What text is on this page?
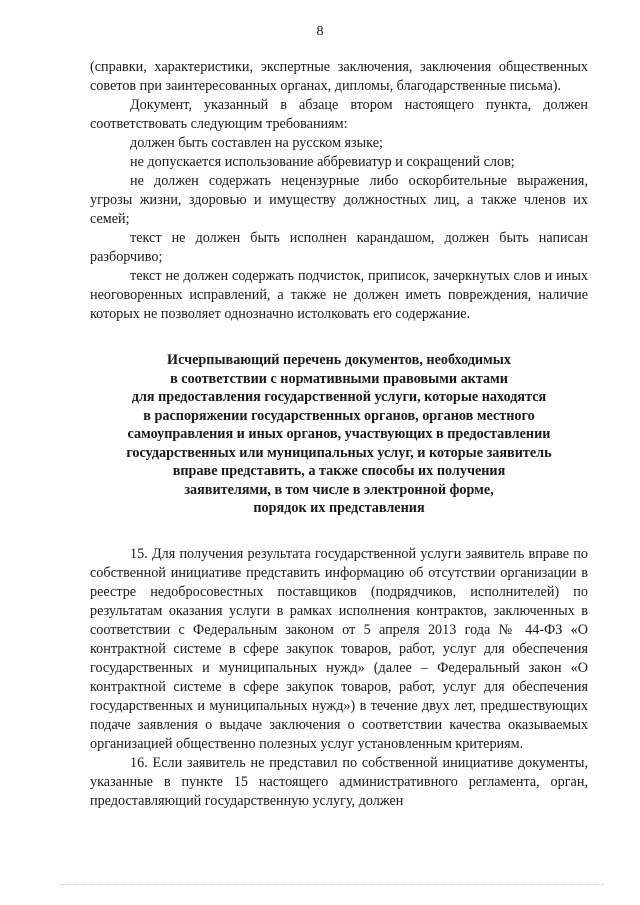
8

(справки, характеристики, экспертные заключения, заключения общественных советов при заинтересованных органах, дипломы, благодарственные письма).

Документ, указанный в абзаце втором настоящего пункта, должен соответствовать следующим требованиям:

должен быть составлен на русском языке;

не допускается использование аббревиатур и сокращений слов;

не должен содержать нецензурные либо оскорбительные выражения, угрозы жизни, здоровью и имуществу должностных лиц, а также членов их семей;

текст не должен быть исполнен карандашом, должен быть написан разборчиво;

текст не должен содержать подчисток, приписок, зачеркнутых слов и иных неоговоренных исправлений, а также не должен иметь повреждения, наличие которых не позволяет однозначно истолковать его содержание.

Исчерпывающий перечень документов, необходимых
в соответствии с нормативными правовыми актами
для предоставления государственной услуги, которые находятся
в распоряжении государственных органов, органов местного
самоуправления и иных органов, участвующих в предоставлении
государственных или муниципальных услуг, и которые заявитель
вправе представить, а также способы их получения
заявителями, в том числе в электронной форме,
порядок их представления

15. Для получения результата государственной услуги заявитель вправе по собственной инициативе представить информацию об отсутствии организации в реестре недобросовестных поставщиков (подрядчиков, исполнителей) по результатам оказания услуги в рамках исполнения контрактов, заключенных в соответствии с Федеральным законом от 5 апреля 2013 года № 44-ФЗ «О контрактной системе в сфере закупок товаров, работ, услуг для обеспечения государственных и муниципальных нужд» (далее – Федеральный закон «О контрактной системе в сфере закупок товаров, работ, услуг для обеспечения государственных и муниципальных нужд») в течение двух лет, предшествующих подаче заявления о выдаче заключения о соответствии качества оказываемых организацией общественно полезных услуг установленным критериям.

16. Если заявитель не представил по собственной инициативе документы, указанные в пункте 15 настоящего административного регламента, орган, предоставляющий государственную услугу, должен
